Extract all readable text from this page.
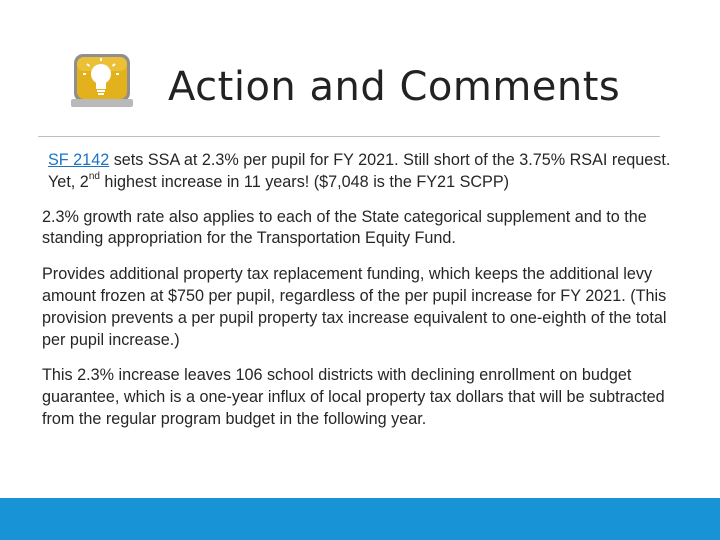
Action and Comments

SF 2142 sets SSA at 2.3% per pupil for FY 2021. Still short of the 3.75% RSAI request. Yet, 2nd highest increase in 11 years! ($7,048 is the FY21 SCPP)

2.3% growth rate also applies to each of the State categorical supplement and to the standing appropriation for the Transportation Equity Fund.

Provides additional property tax replacement funding, which keeps the additional levy amount frozen at $750 per pupil, regardless of the per pupil increase for FY 2021. (This provision prevents a per pupil property tax increase equivalent to one-eighth of the total per pupil increase.)

This 2.3% increase leaves 106 school districts with declining enrollment on budget guarantee, which is a one-year influx of local property tax dollars that will be subtracted from the regular program budget in the following year.
